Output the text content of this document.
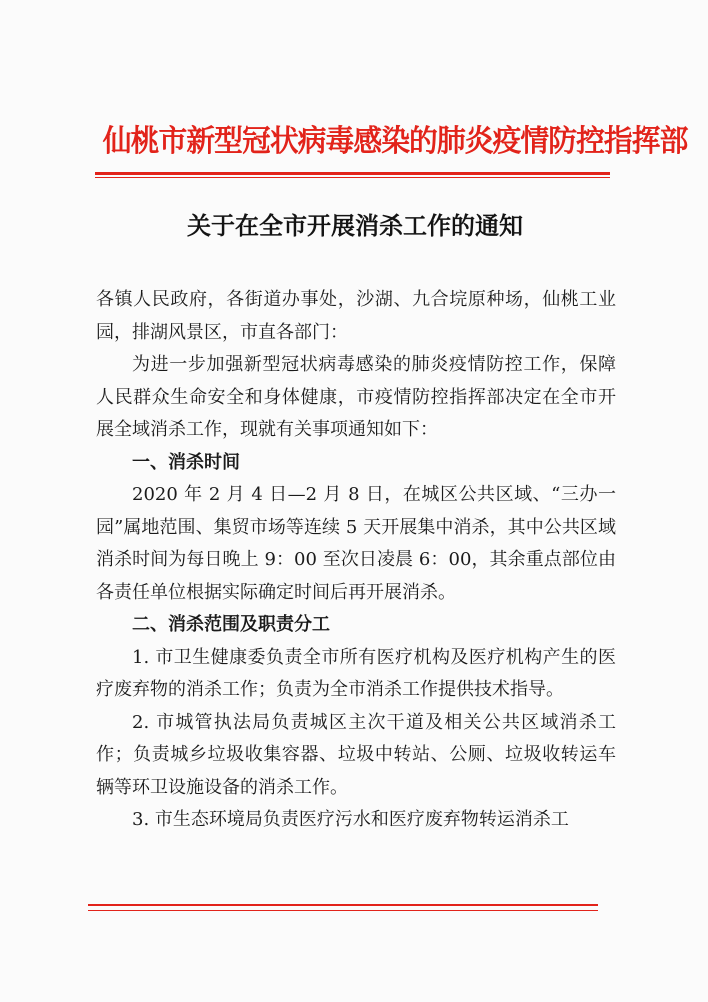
仙桃市新型冠状病毒感染的肺炎疫情防控指挥部
关于在全市开展消杀工作的通知

各镇人民政府，各街道办事处，沙湖、九合垸原种场，仙桃工业园，排湖风景区，市直各部门：

为进一步加强新型冠状病毒感染的肺炎疫情防控工作，保障人民群众生命安全和身体健康，市疫情防控指挥部决定在全市开展全域消杀工作，现就有关事项通知如下：

一、消杀时间

2020 年 2 月 4 日—2 月 8 日，在城区公共区域、“三办一园”属地范围、集贸市场等连续 5 天开展集中消杀，其中公共区域消杀时间为每日晚上 9：00 至次日凌晨 6：00，其余重点部位由各责任单位根据实际确定时间后再开展消杀。

二、消杀范围及职责分工

1. 市卫生健康委负责全市所有医疗机构及医疗机构产生的医疗废弃物的消杀工作；负责为全市消杀工作提供技术指导。

2. 市城管执法局负责城区主次干道及相关公共区域消杀工作；负责城乡垃圾收集容器、垃圾中转站、公厕、垃圾收转运车辆等环卫设施设备的消杀工作。

3. 市生态环境局负责医疗污水和医疗废弃物转运消杀工
